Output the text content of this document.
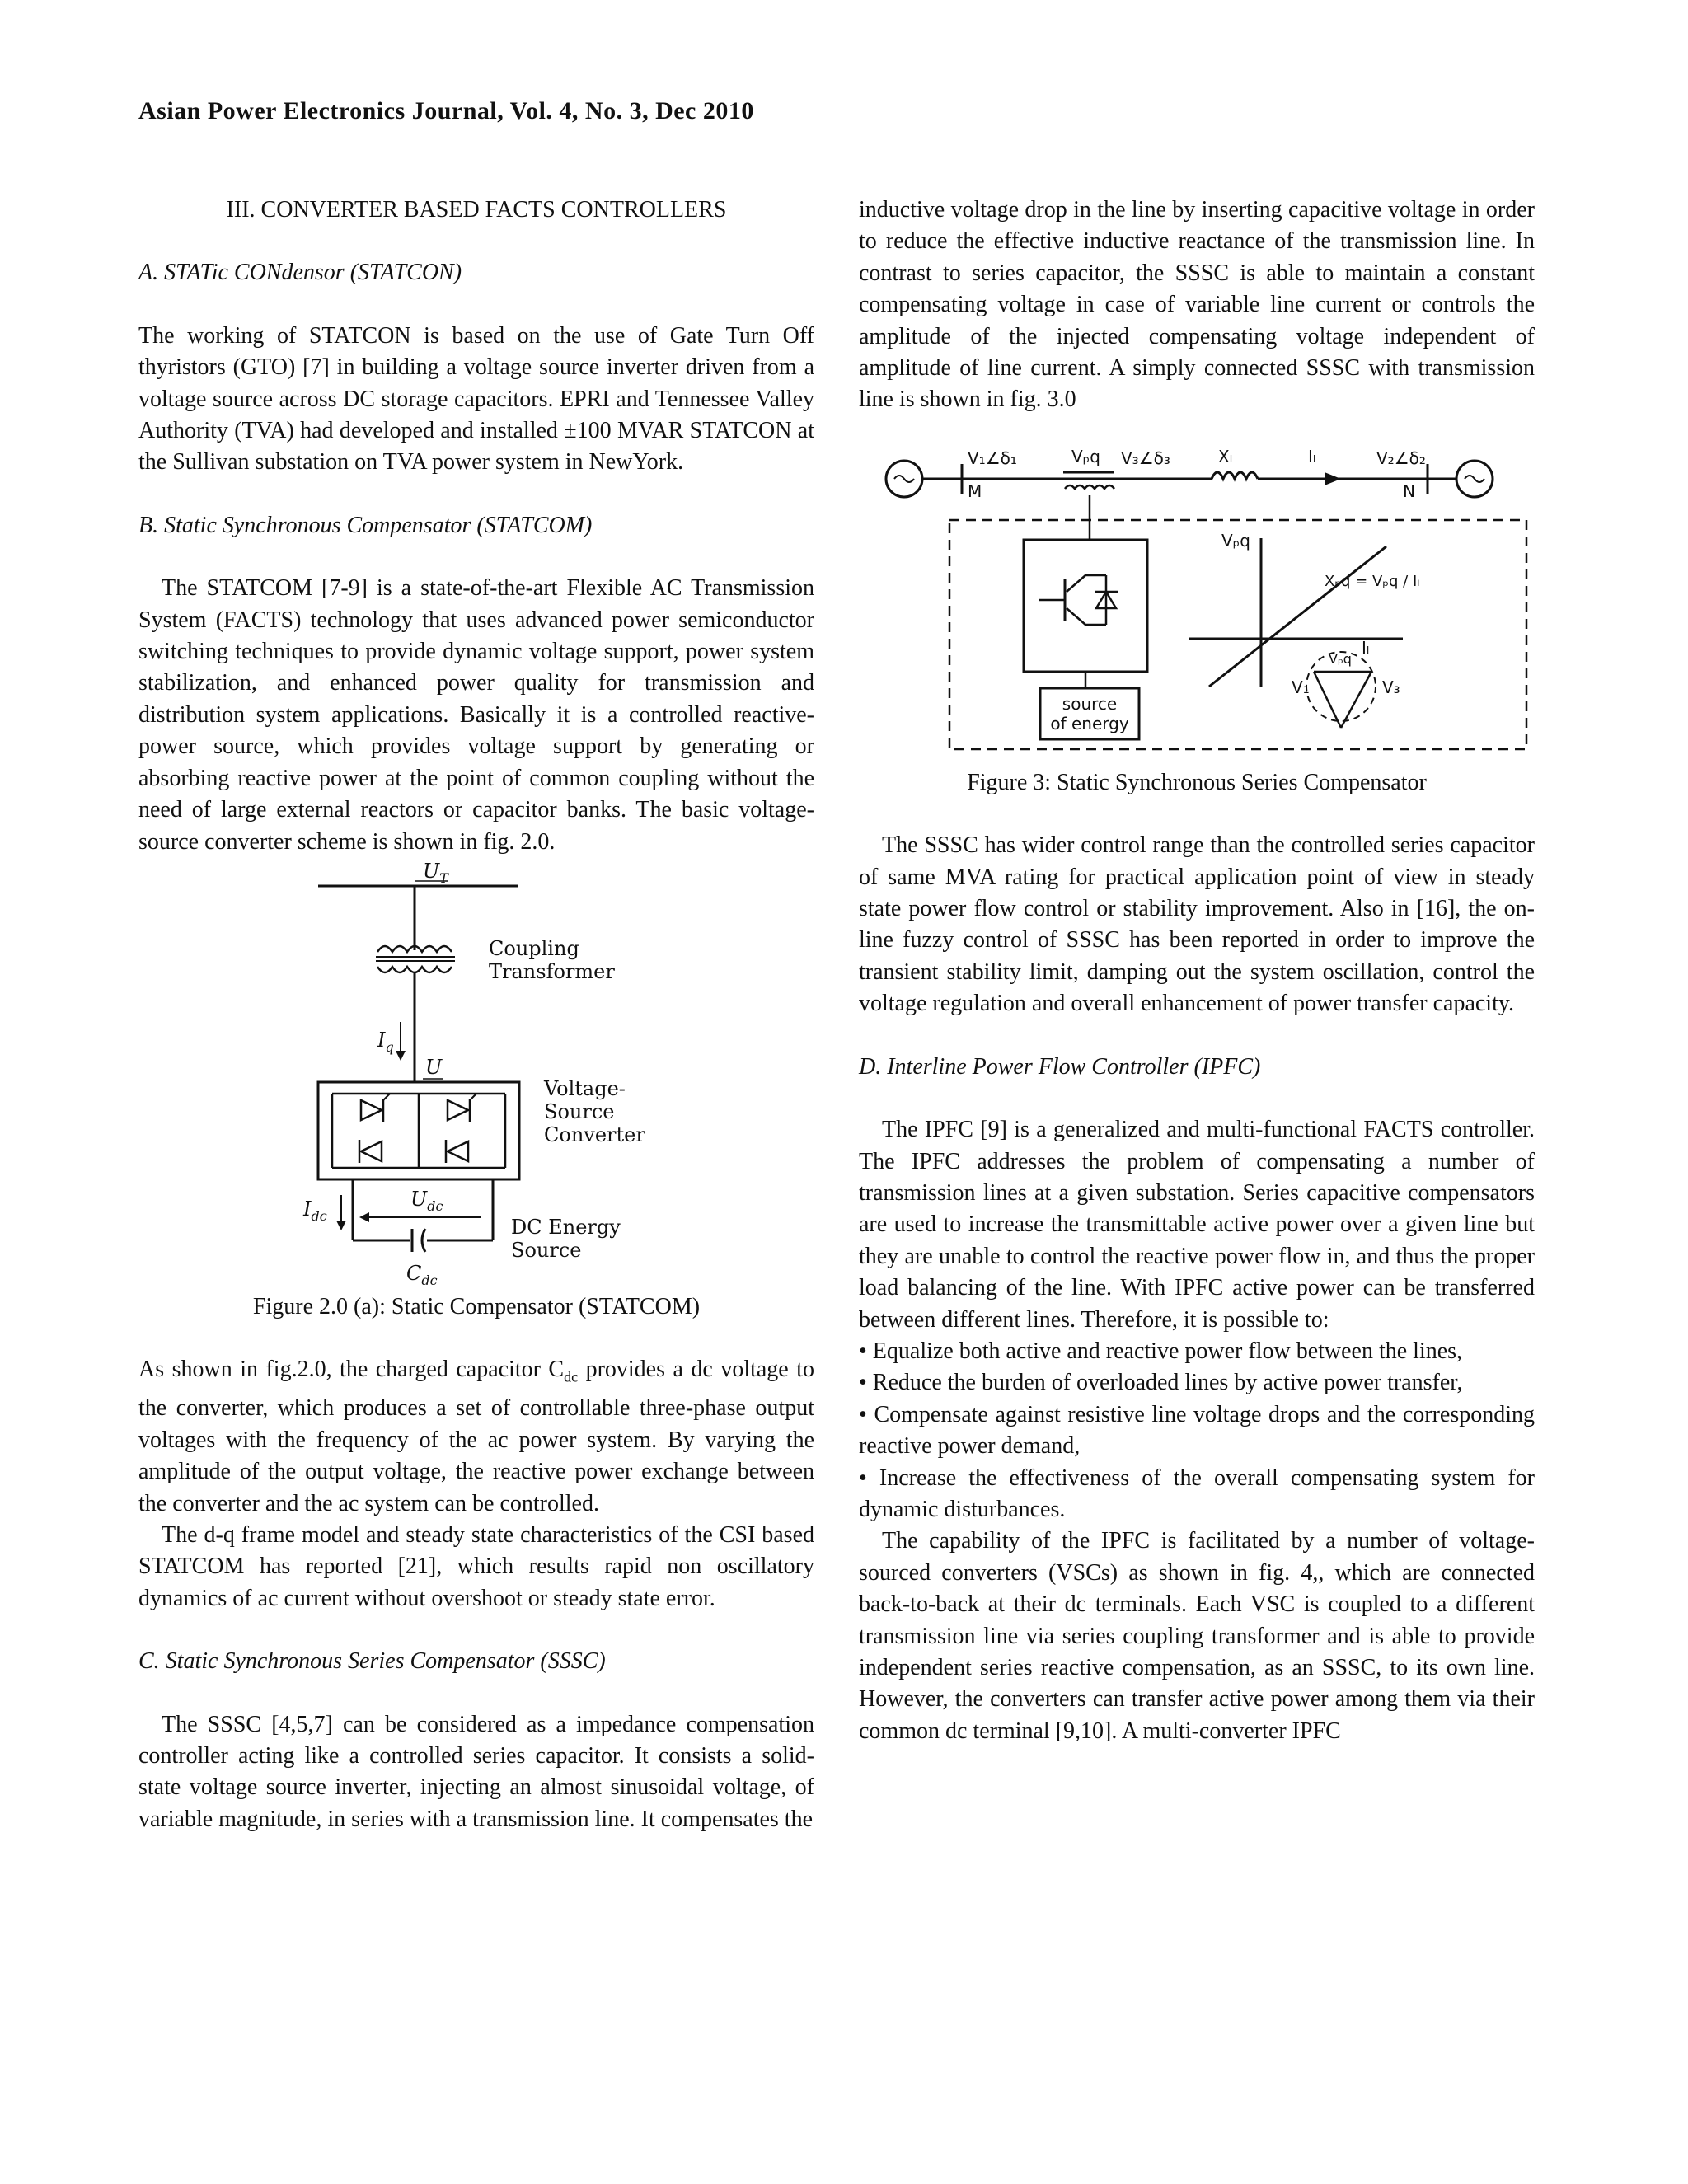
Asian Power Electronics Journal, Vol. 4, No. 3, Dec 2010

III. CONVERTER BASED FACTS CONTROLLERS

A. STATic CONdensor (STATCON)

The working of STATCON is based on the use of Gate Turn Off thyristors (GTO) [7] in building a voltage source inverter driven from a voltage source across DC storage capacitors. EPRI and Tennessee Valley Authority (TVA) had developed and installed ±100 MVAR STATCON at the Sullivan substation on TVA power system in NewYork.

B. Static Synchronous Compensator (STATCOM)

The STATCOM [7-9] is a state-of-the-art Flexible AC Transmission System (FACTS) technology that uses advanced power semiconductor switching techniques to provide dynamic voltage support, power system stabilization, and enhanced power quality for transmission and distribution system applications. Basically it is a controlled reactive-power source, which provides voltage support by generating or absorbing reactive power at the point of common coupling without the need of large external reactors or capacitor banks. The basic voltage-source converter scheme is shown in fig. 2.0.

$U_T$
Coupling
Transformer
$I_q$
U
Voltage-
Source
Converter
$I_{dc}$
$U_{dc}$
DC Energy
Source
$C_{dc}$

Figure 2.0 (a): Static Compensator (STATCOM)

As shown in fig.2.0, the charged capacitor $C_{dc}$ provides a dc voltage to the converter, which produces a set of controllable three-phase output voltages with the frequency of the ac power system. By varying the amplitude of the output voltage, the reactive power exchange between the converter and the ac system can be controlled.

The d-q frame model and steady state characteristics of the CSI based STATCOM has reported [21], which results rapid non oscillatory dynamics of ac current without overshoot or steady state error.

C. Static Synchronous Series Compensator (SSSC)

The SSSC [4,5,7] can be considered as a impedance compensation controller acting like a controlled series capacitor. It consists a solid-state voltage source inverter, injecting an almost sinusoidal voltage, of variable magnitude, in series with a transmission line. It compensates the

inductive voltage drop in the line by inserting capacitive voltage in order to reduce the effective inductive reactance of the transmission line. In contrast to series capacitor, the SSSC is able to maintain a constant compensating voltage in case of variable line current or controls the amplitude of the injected compensating voltage independent of amplitude of line current. A simply connected SSSC with transmission line is shown in fig. 3.0

V₁∠δ₁
M
Vₚq V₃∠δ₃	Xₗ	Iₗ	V₂∠δ₂
N
source
of energy
Vₚq
Xₚq = Vₚq / Iₗ
Iₗ
V₁
Vₚq
V₃

Figure 3: Static Synchronous Series Compensator

The SSSC has wider control range than the controlled series capacitor of same MVA rating for practical application point of view in steady state power flow control or stability improvement. Also in [16], the on-line fuzzy control of SSSC has been reported in order to improve the transient stability limit, damping out the system oscillation, control the voltage regulation and overall enhancement of power transfer capacity.

D. Interline Power Flow Controller (IPFC)

The IPFC [9] is a generalized and multi-functional FACTS controller. The IPFC addresses the problem of compensating a number of transmission lines at a given substation. Series capacitive compensators are used to increase the transmittable active power over a given line but they are unable to control the reactive power flow in, and thus the proper load balancing of the line. With IPFC active power can be transferred between different lines. Therefore, it is possible to:

• Equalize both active and reactive power flow between the lines,

• Reduce the burden of overloaded lines by active power transfer,

• Compensate against resistive line voltage drops and the corresponding reactive power demand,

• Increase the effectiveness of the overall compensating system for dynamic disturbances.

The capability of the IPFC is facilitated by a number of voltage-sourced converters (VSCs) as shown in fig. 4,, which are connected back-to-back at their dc terminals. Each VSC is coupled to a different transmission line via series coupling transformer and is able to provide independent series reactive compensation, as an SSSC, to its own line. However, the converters can transfer active power among them via their common dc terminal [9,10]. A multi-converter IPFC
